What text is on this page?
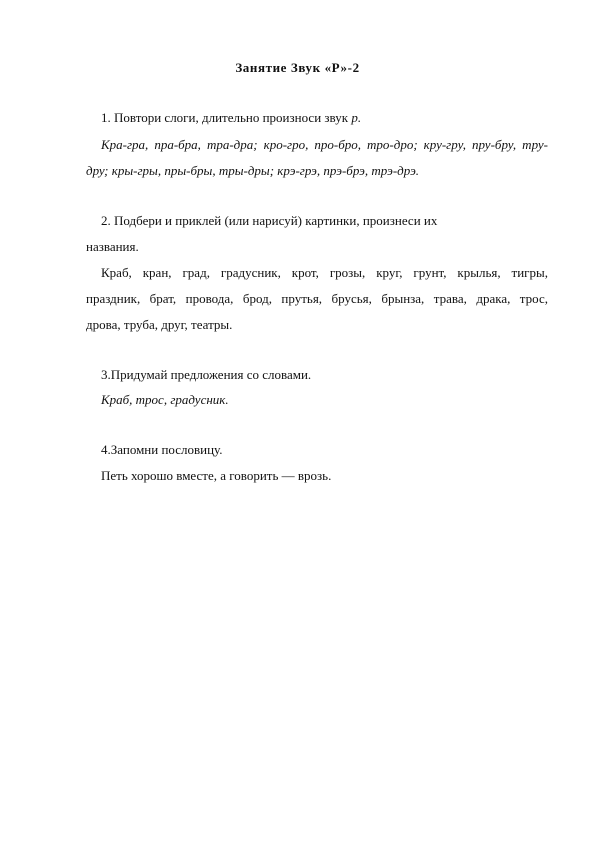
Занятие Звук «Р»-2
1. Повтори слоги, длительно произноси звук р.
Кра-гра, пра-бра, тра-дра; кро-гро, про-бро, тро-дро; кру-гру, пру-бру, тру-
дру; кры-гры, пры-бры, тры-дры; крэ-грэ, прэ-брэ, трэ-дрэ.
2. Подбери и приклей (или нарисуй) картинки, произнеси их
названия.
Краб, кран, град, градусник, крот, грозы, круг, грунт, крылья, тигры,
праздник, брат, провода, брод, прутья, брусья, брынза, трава, драка, трос,
дрова, труба, друг, театры.
3.Придумай предложения со словами.
Краб, трос, градусник.
4.Запомни пословицу.
Петь хорошо вместе, а говорить — врозь.
